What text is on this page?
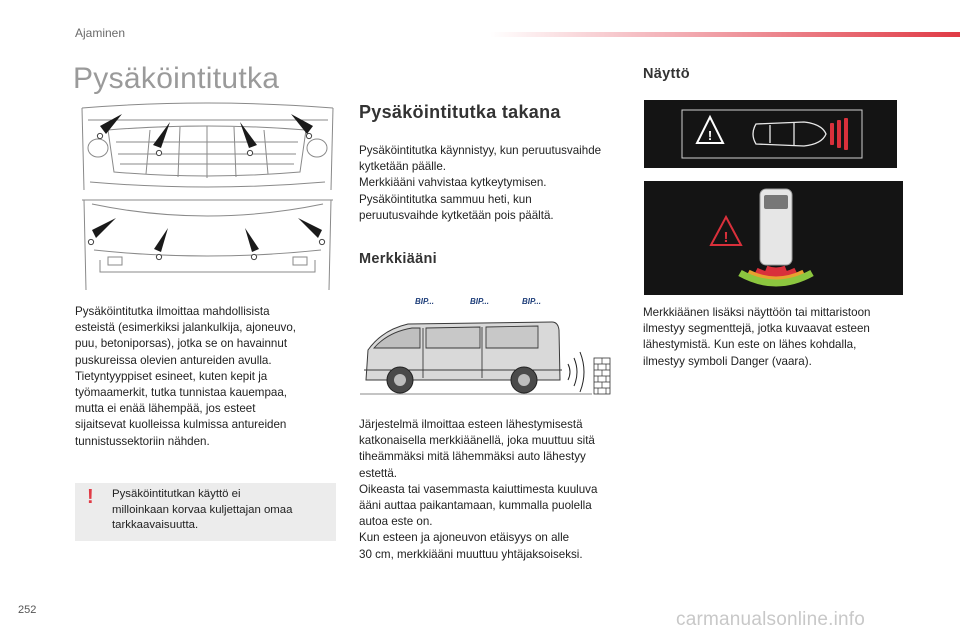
Ajaminen
Pysäköintitutka
Pysäköintitutka ilmoittaa mahdollisista
esteistä (esimerkiksi jalankulkija, ajoneuvo,
puu, betoniporsas), jotka se on havainnut
puskureissa olevien antureiden avulla.
Tietyntyyppiset esineet, kuten kepit ja
työmaamerkit, tutka tunnistaa kauempaa,
mutta ei enää lähempää, jos esteet
sijaitsevat kuolleissa kulmissa antureiden
tunnistussektoriin nähden.
! Pysäköintitutkan käyttö ei
milloinkaan korvaa kuljettajan omaa
tarkkaavaisuutta.
Pysäköintitutka takana
Pysäköintitutka käynnistyy, kun peruutusvaihde
kytketään päälle.
Merkkiääni vahvistaa kytkeytymisen.
Pysäköintitutka sammuu heti, kun
peruutusvaihde kytketään pois päältä.
Merkkiääni
BIP...	BIP...	BIP...
Järjestelmä ilmoittaa esteen lähestymisestä
katkonaisella merkkiäänellä, joka muuttuu sitä
tiheämmäksi mitä lähemmäksi auto lähestyy
estettä.
Oikeasta tai vasemmasta kaiuttimesta kuuluva
ääni auttaa paikantamaan, kummalla puolella
autoa este on.
Kun esteen ja ajoneuvon etäisyys on alle
30 cm, merkkiääni muuttuu yhtäjaksoiseksi.
Näyttö
!
!
Merkkiäänen lisäksi näyttöön tai mittaristoon
ilmestyy segmenttejä, jotka kuvaavat esteen
lähestymistä. Kun este on lähes kohdalla,
ilmestyy symboli Danger (vaara).
252	carmanualsonline.info
